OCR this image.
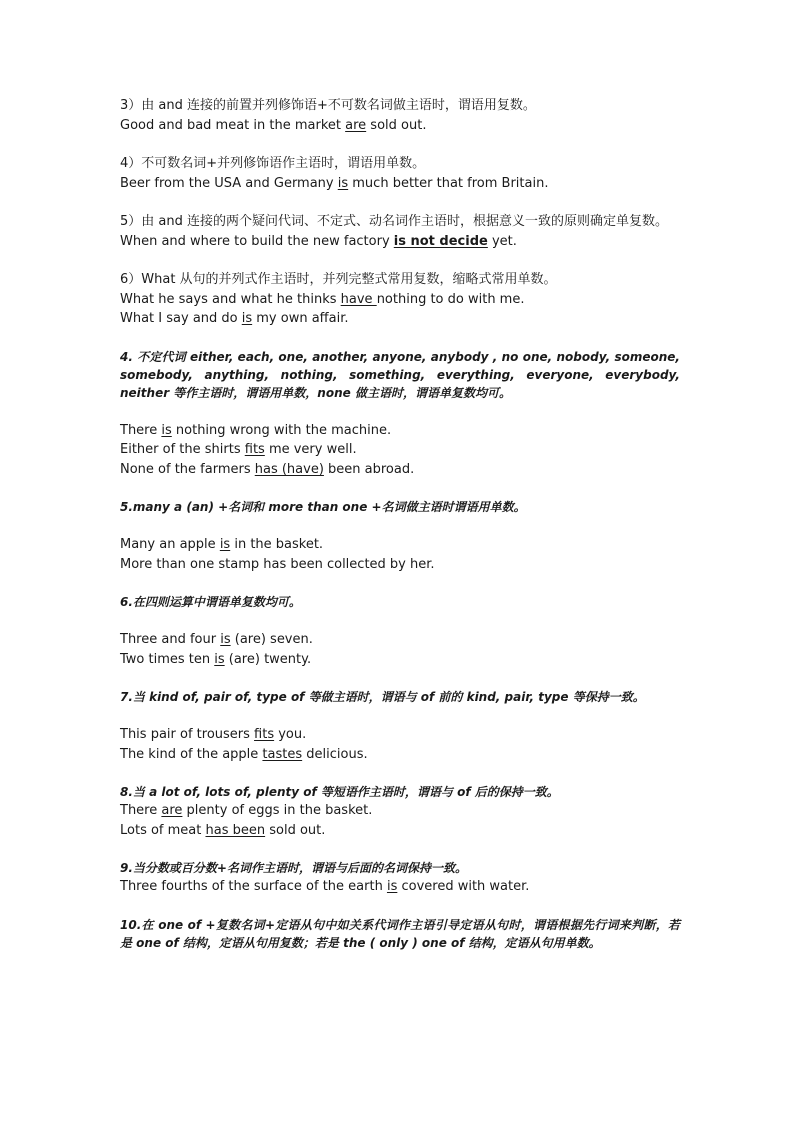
3）由 and 连接的前置并列修饰语+不可数名词做主语时，谓语用复数。
Good and bad meat in the market are sold out.
4）不可数名词+并列修饰语作主语时，谓语用单数。
Beer from the USA and Germany is much better that from Britain.
5）由 and 连接的两个疑问代词、不定式、动名词作主语时，根据意义一致的原则确定单复数。
When and where to build the new factory is not decide yet.
6）What 从句的并列式作主语时，并列完整式常用复数，缩略式常用单数。
What he says and what he thinks have nothing to do with me.
What I say and do is my own affair.
4. 不定代词 either, each, one, another, anyone, anybody , no one, nobody, someone, somebody, anything, nothing, something, everything, everyone, everybody, neither 等作主语时，谓语用单数，none 做主语时，谓语单复数均可。
There is nothing wrong with the machine.
Either of the shirts fits me very well.
None of the farmers has (have) been abroad.
5.many a (an) +名词和 more than one +名词做主语时谓语用单数。
Many an apple is in the basket.
More than one stamp has been collected by her.
6.在四则运算中谓语单复数均可。
Three and four is (are) seven.
Two times ten is (are) twenty.
7.当 kind of, pair of, type of 等做主语时，谓语与 of 前的 kind, pair, type 等保持一致。
This pair of trousers fits you.
The kind of the apple tastes delicious.
8.当 a lot of, lots of, plenty of 等短语作主语时，谓语与 of 后的保持一致。
There are plenty of eggs in the basket.
Lots of meat has been sold out.
9.当分数或百分数+名词作主语时，谓语与后面的名词保持一致。
Three fourths of the surface of the earth is covered with water.
10.在 one of +复数名词+定语从句中如关系代词作主语引导定语从句时，谓语根据先行词来判断，若是 one of 结构，定语从句用复数；若是 the ( only ) one of 结构，定语从句用单数。
